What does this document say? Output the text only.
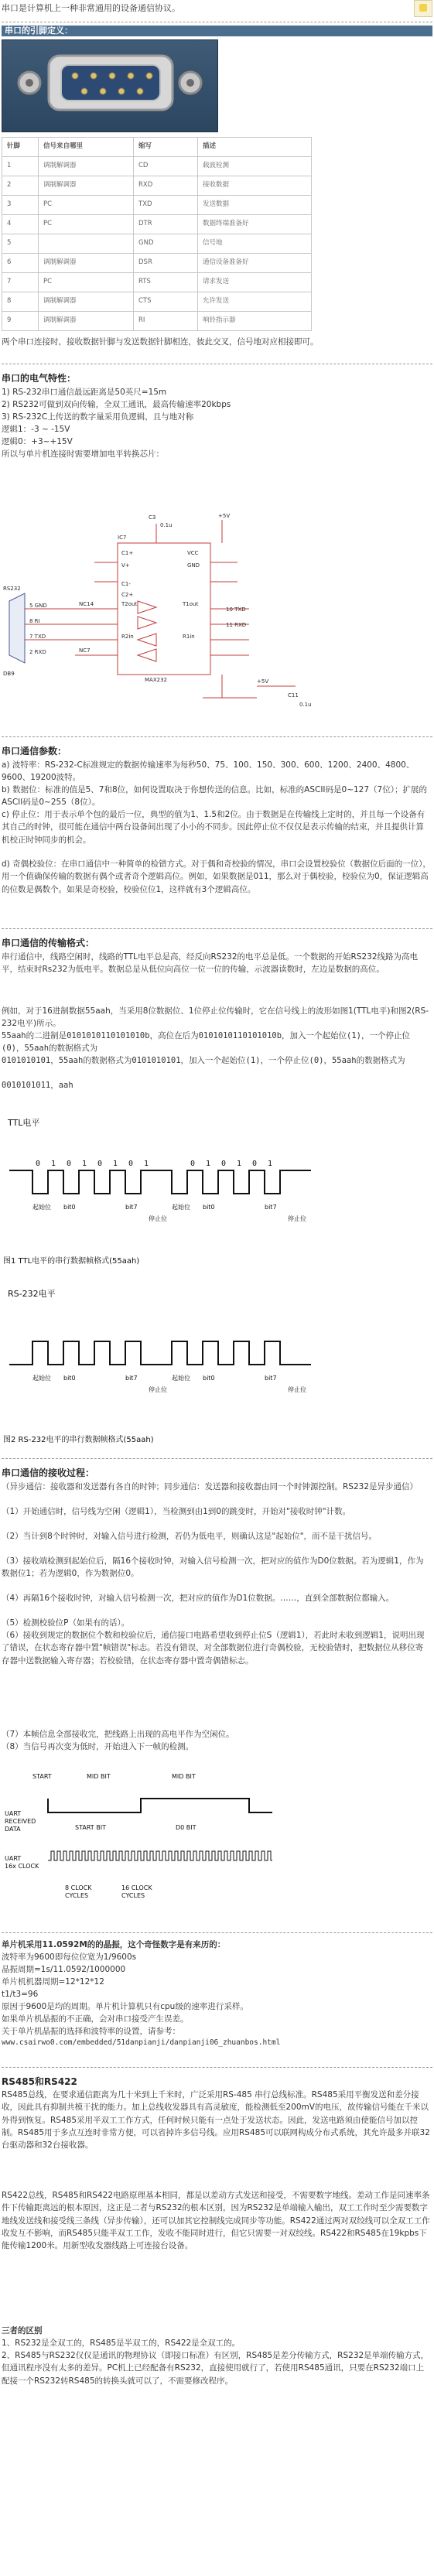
串口是计算机上一种非常通用的设备通信协议。
串口的引脚定义：
针脚	信号来自哪里	缩写	描述
1	调制解调器	CD	载波检测
2	调制解调器	RXD	接收数据
3	PC	TXD	发送数据
4	PC	DTR	数据终端准备好
5		GND	信号地
6	调制解调器	DSR	通信设备准备好
7	PC	RTS	请求发送
8	调制解调器	CTS	允许发送
9	调制解调器	RI	响铃指示器
两个串口连接时，接收数据针脚与发送数据针脚相连，彼此交叉，信号地对应相接即可。
串口的电气特性：
1) RS-232串口通信最远距离是50英尺=15m
2) RS232可做到双向传输，全双工通讯，最高传输速率20kbps
3) RS-232C上传送的数字量采用负逻辑，且与地对称
逻辑1：-3 ~ -15V
逻辑0：+3~+15V
所以与单片机连接时需要增加电平转换芯片：
C3
0.1u
+5V
IC7
C1+
V+
C1-
C2+
VCC
GND
T2out
R2in
T1out
R1in
10 TXD
11 RXD
RS232
DB9
5 GND
8 RI
7 TXD
2 RXD
NC14
NC7
MAX232	+5V
C11
0.1u
串口通信参数：
a) 波特率：RS-232-C标准规定的数据传输速率为每秒50、75、100、150、300、600、1200、2400、4800、9600、19200波特。
b) 数据位：标准的值是5、7和8位，如何设置取决于你想传送的信息。比如，标准的ASCII码是0~127（7位）；扩展的ASCII码是0~255（8位）。
c) 停止位：用于表示单个包的最后一位，典型的值为1、1.5和2位。由于数据是在传输线上定时的，并且每一个设备有其自己的时钟，很可能在通信中两台设备间出现了小小的不同步。因此停止位不仅仅是表示传输的结束，并且提供计算机校正时钟同步的机会。
d) 奇偶校验位：在串口通信中一种简单的检错方式。对于偶和奇校验的情况，串口会设置校验位（数据位后面的一位），用一个值确保传输的数据有偶个或者奇个逻辑高位。例如，如果数据是011，那么对于偶校验，校验位为0，保证逻辑高的位数是偶数个。如果是奇校验，校验位位1，这样就有3个逻辑高位。
串口通信的传输格式：
串行通信中，线路空闲时，线路的TTL电平总是高，经反向RS232的电平总是低。一个数据的开始RS232线路为高电平，结束时Rs232为低电平。数据总是从低位向高位一位一位的传输，示波器读数时，左边是数据的高位。
例如，对于16进制数据55aah，当采用8位数据位、1位停止位传输时，它在信号线上的波形如图1(TTL电平)和图2(RS-232电平)所示。
55aah的二进制是0101010110101010b，高位在后为0101010110101010b，加入一个起始位(1)，一个停止位(0)，55aah的数据格式为
0101010101，55aah的数据格式为0101010101，加入一个起始位(1)，一个停止位(0)，55aah的数据格式为
0010101011，aah
TTL电平
0 1 0 1 0 1 0 1	0 1 0 1 0 1
起始位 bit0	bit7
停止位
起始位 bit0	bit7
停止位
图1 TTL电平的串行数据帧格式(55aah)
RS-232电平
起始位 bit0	bit7
停止位
起始位 bit0	bit7
停止位
图2 RS-232电平的串行数据帧格式(55aah)
串口通信的接收过程：
（异步通信：接收器和发送器有各自的时钟；同步通信：发送器和接收器由同一个时钟源控制。RS232是异步通信）
（1）开始通信时，信号线为空闲（逻辑1），当检测到由1到0的跳变时，开始对"接收时钟"计数。
（2）当计到8个时钟时，对输入信号进行检测，若仍为低电平，则确认这是"起始位"，而不是干扰信号。
（3）接收端检测到起始位后，隔16个接收时钟，对输入信号检测一次，把对应的值作为D0位数据。若为逻辑1，作为数据位1；若为逻辑0，作为数据位0。
（4）再隔16个接收时钟，对输入信号检测一次，把对应的值作为D1位数据。……，直到全部数据位都输入。
（5）检测校验位P（如果有的话）。
（6）接收到规定的数据位个数和校验位后，通信接口电路希望收到停止位S（逻辑1），若此时未收到逻辑1，说明出现了错误，在状态寄存器中置"帧错误"标志。若没有错误，对全部数据位进行奇偶校验，无校验错时，把数据位从移位寄存器中送数据输入寄存器；若校验错，在状态寄存器中置奇偶错标志。
（7）本帧信息全部接收完，把线路上出现的高电平作为空闲位。
（8）当信号再次变为低时，开始进入下一帧的检测。
START	MID BIT	MID BIT
START BIT	D0 BIT
UART
RECEIVED
DATA
UART
16x CLOCK
8 CLOCK
CYCLES
16 CLOCK
CYCLES
单片机采用11.0592M的的晶振，这个奇怪数字是有来历的：
波特率为9600即每位位宽为1/9600s
晶振周期=1s/11.0592/1000000
单片机机器周期=12*12*12
t1/t3=96
原因于9600是均的周期。单片机计算机只有cpu级的速率进行采样。
如果单片机晶振的不正确，会对串口接受产生误差。
关于单片机晶振的选择和波特率的设置，请参考：
www.csairwo0.com/embedded/51danpianji/danpianji06_zhuanbos.html
RS485和RS422
RS485总线，在要求通信距离为几十米到上千米时，广泛采用RS-485 串行总线标准。RS485采用平衡发送和差分接收，因此具有抑制共模干扰的能力。加上总线收发器具有高灵敏度，能检测低至200mV的电压，故传输信号能在千米以外得到恢复。RS485采用半双工工作方式，任何时候只能有一点处于发送状态。因此，发送电路须由使能信号加以控制。RS485用于多点互连时非常方便，可以省掉许多信号线。应用RS485可以联网构成分布式系统，其允许最多并联32台驱动器和32台接收器。
RS422总线，RS485和RS422电路原理基本相同，都是以差动方式发送和接受，不需要数字地线。差动工作是同速率条件下传输距离远的根本原因，这正是二者与RS232的根本区别，因为RS232是单端输入输出，双工工作时至少需要数字地线发送线和接受线三条线（异步传输），还可以加其它控制线完成同步等功能。RS422通过两对双绞线可以全双工工作收发互不影响，而RS485只能半双工工作，发收不能同时进行，但它只需要一对双绞线。RS422和RS485在19kpbs下能传输1200米。用新型收发器线路上可连接台设备。
三者的区别
1、RS232是全双工的，RS485是半双工的，RS422是全双工的。
2、RS485与RS232仅仅是通讯的物理协议（即接口标准）有区别，RS485是差分传输方式，RS232是单端传输方式，但通讯程序没有太多的差异。PC机上已经配备有RS232，直接使用就行了，若使用RS485通讯，只要在RS232端口上配接一个RS232转RS485的转换头就可以了，不需要修改程序。
